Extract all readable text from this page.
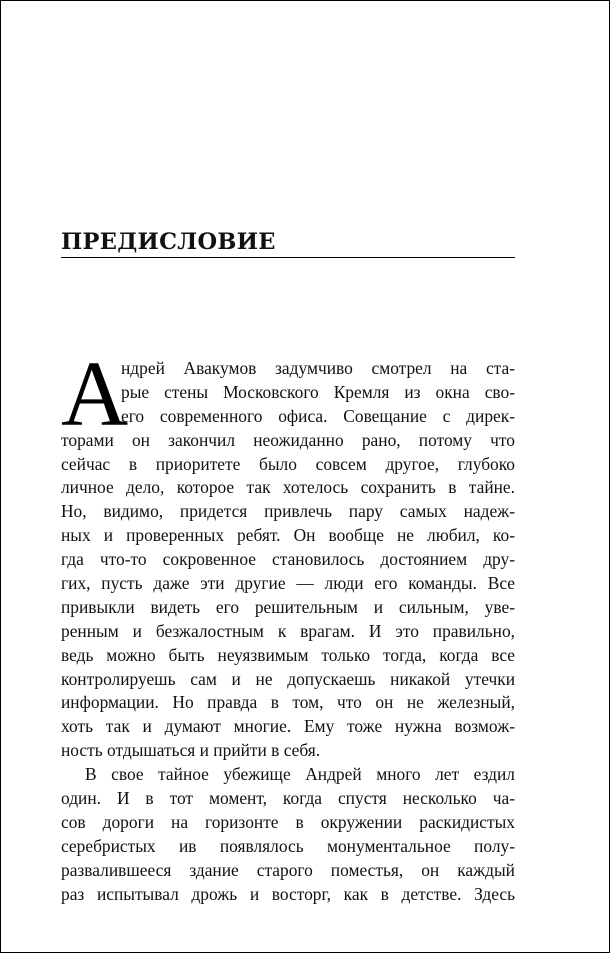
ПРЕДИСЛОВИЕ
А
ндрей Авакумов задумчиво смотрел на ста-
рые стены Московского Кремля из окна сво-
его современного офиса. Совещание с дирек-
торами он закончил неожиданно рано, потому что
сейчас в приоритете было совсем другое, глубоко
личное дело, которое так хотелось сохранить в тайне.
Но, видимо, придется привлечь пару самых надеж-
ных и проверенных ребят. Он вообще не любил, ко-
гда что-то сокровенное становилось достоянием дру-
гих, пусть даже эти другие — люди его команды. Все
привыкли видеть его решительным и сильным, уве-
ренным и безжалостным к врагам. И это правильно,
ведь можно быть неуязвимым только тогда, когда все
контролируешь сам и не допускаешь никакой утечки
информации. Но правда в том, что он не железный,
хоть так и думают многие. Ему тоже нужна возмож-
ность отдышаться и прийти в себя.
В свое тайное убежище Андрей много лет ездил
один. И в тот момент, когда спустя несколько ча-
сов дороги на горизонте в окружении раскидистых
серебристых ив появлялось монументальное полу-
развалившееся здание старого поместья, он каждый
раз испытывал дрожь и восторг, как в детстве. Здесь
